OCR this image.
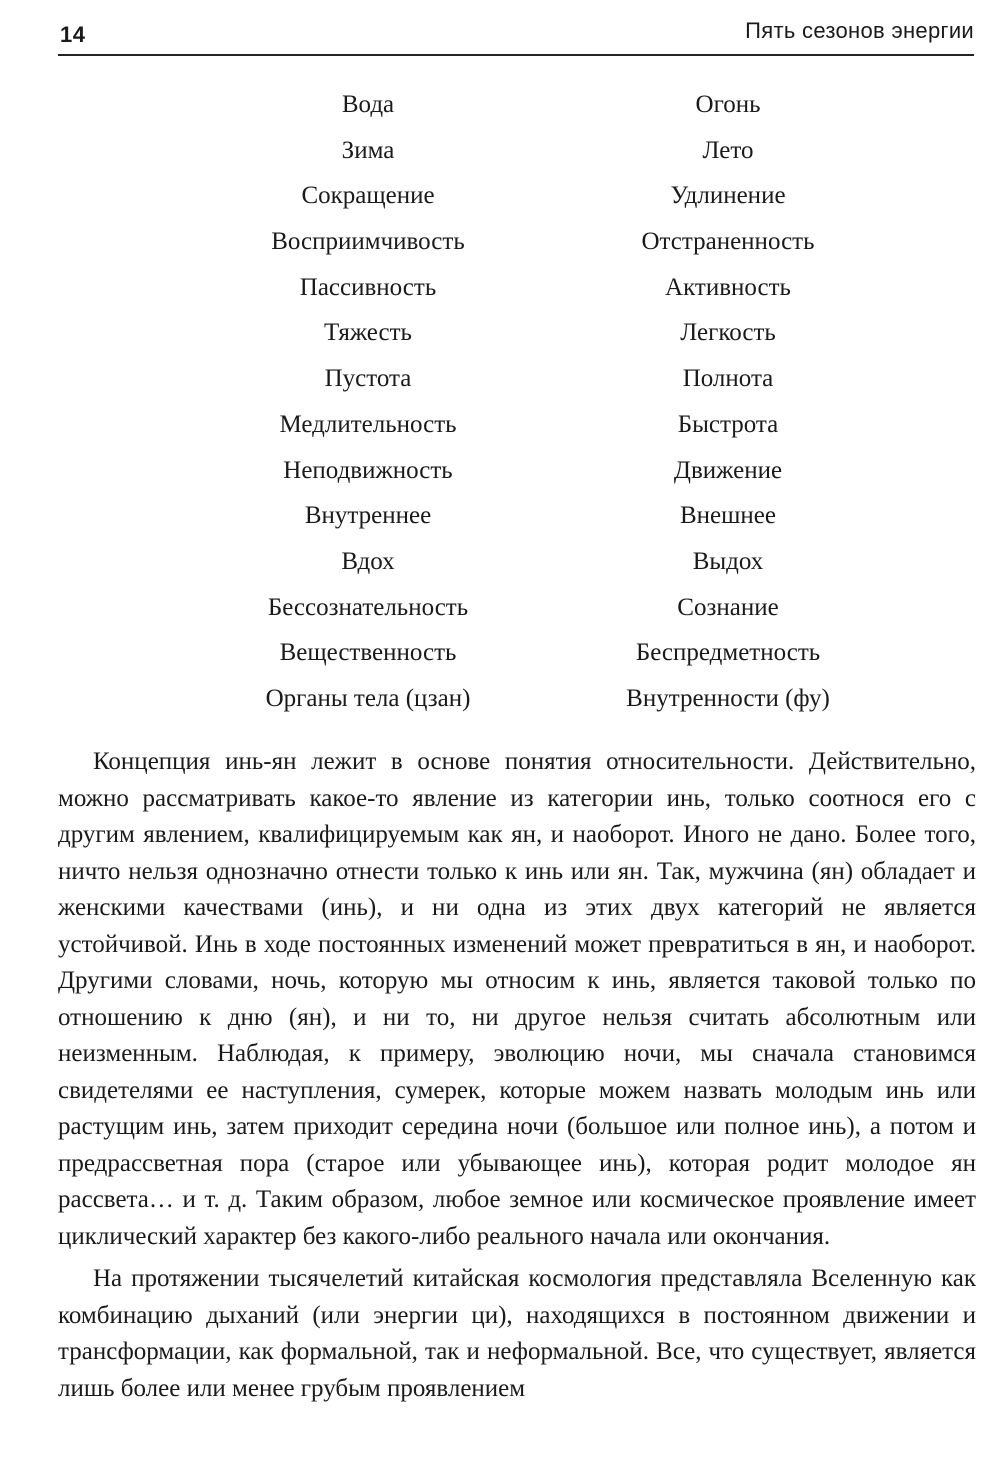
14	Пять сезонов энергии
Вода	Огонь
Зима	Лето
Сокращение	Удлинение
Восприимчивость	Отстраненность
Пассивность	Активность
Тяжесть	Легкость
Пустота	Полнота
Медлительность	Быстрота
Неподвижность	Движение
Внутреннее	Внешнее
Вдох	Выдох
Бессознательность	Сознание
Вещественность	Беспредметность
Органы тела (цзан)	Внутренности (фу)

Концепция инь-ян лежит в основе понятия относительности. Действительно, можно рассматривать какое-то явление из категории инь, только соотнося его с другим явлением, квалифицируемым как ян, и наоборот. Иного не дано. Более того, ничто нельзя однозначно отнести только к инь или ян. Так, мужчина (ян) обладает и женскими качествами (инь), и ни одна из этих двух категорий не является устойчивой. Инь в ходе постоянных изменений может превратиться в ян, и наоборот. Другими словами, ночь, которую мы относим к инь, является таковой только по отношению к дню (ян), и ни то, ни другое нельзя считать абсолютным или неизменным. Наблюдая, к примеру, эволюцию ночи, мы сначала становимся свидетелями ее наступления, сумерек, которые можем назвать молодым инь или растущим инь, затем приходит середина ночи (большое или полное инь), а потом и предрассветная пора (старое или убывающее инь), которая родит молодое ян рассвета… и т. д. Таким образом, любое земное или космическое проявление имеет циклический характер без какого-либо реального начала или окончания.

На протяжении тысячелетий китайская космология представляла Вселенную как комбинацию дыханий (или энергии ци), находящихся в постоянном движении и трансформации, как формальной, так и неформальной. Все, что существует, является лишь более или менее грубым проявлением
